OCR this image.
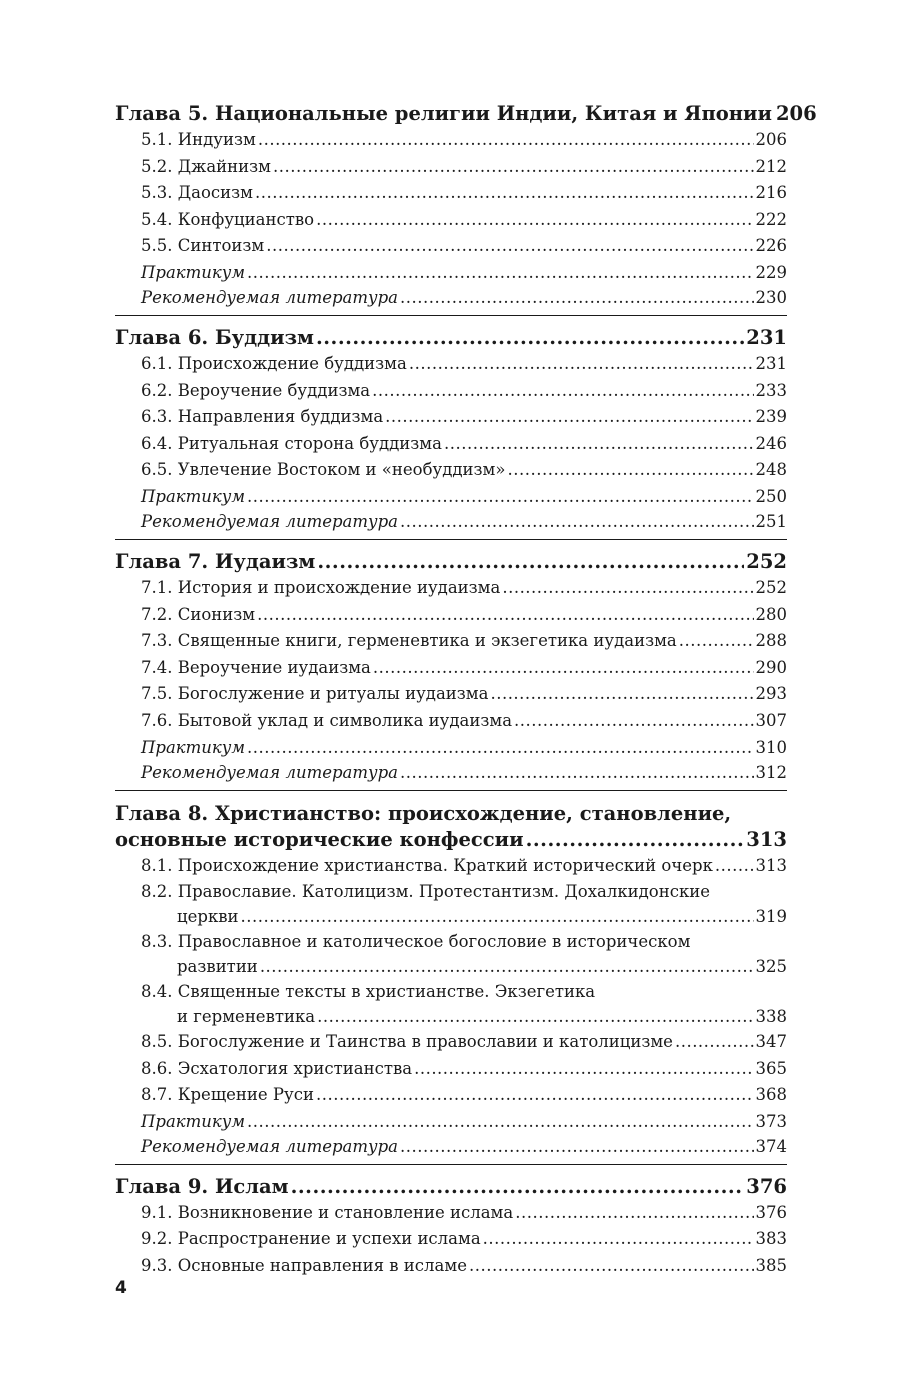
Глава 5. Национальные религии Индии, Китая и Японии 206
5.1. Индуизм .....	206
5.2. Джайнизм .....	212
5.3. Даосизм .....	216
5.4. Конфуцианство .....	222
5.5. Синтоизм .....	226
Практикум .....	229
Рекомендуемая литература .....	230
Глава 6. Буддизм .....	231
6.1. Происхождение буддизма .....	231
6.2. Вероучение буддизма .....	233
6.3. Направления буддизма .....	239
6.4. Ритуальная сторона буддизма .....	246
6.5. Увлечение Востоком и «необуддизм» .....	248
Практикум .....	250
Рекомендуемая литература .....	251
Глава 7. Иудаизм .....	252
7.1. История и происхождение иудаизма .....	252
7.2. Сионизм .....	280
7.3. Священные книги, герменевтика и экзегетика иудаизма .....	288
7.4. Вероучение иудаизма .....	290
7.5. Богослужение и ритуалы иудаизма .....	293
7.6. Бытовой уклад и символика иудаизма .....	307
Практикум .....	310
Рекомендуемая литература .....	312
Глава 8. Христианство: происхождение, становление,
основные исторические конфессии .....	313
8.1. Происхождение христианства. Краткий исторический очерк .....	313
8.2. Православие. Католицизм. Протестантизм. Дохалкидонские
церкви .....	319
8.3. Православное и католическое богословие в историческом
развитии .....	325
8.4. Священные тексты в христианстве. Экзегетика
и герменевтика .....	338
8.5. Богослужение и Таинства в православии и католицизме .....	347
8.6. Эсхатология христианства .....	365
8.7. Крещение Руси .....	368
Практикум .....	373
Рекомендуемая литература .....	374
Глава 9. Ислам .....	376
9.1. Возникновение и становление ислама .....	376
9.2. Распространение и успехи ислама .....	383
9.3. Основные направления в исламе .....	385
4
